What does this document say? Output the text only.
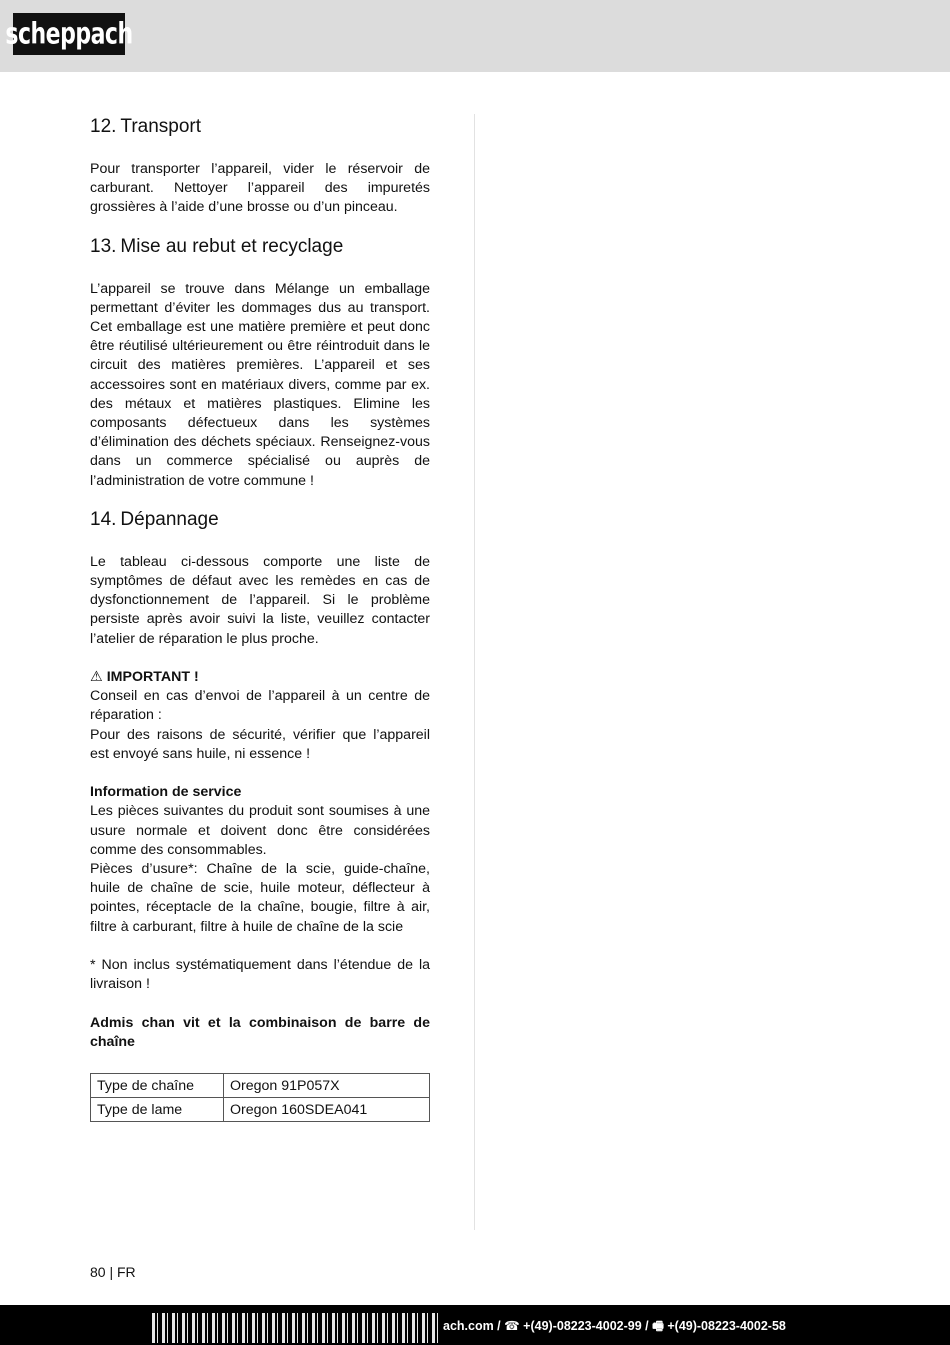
scheppach
12. Transport

Pour transporter l’appareil, vider le réservoir de carburant. Nettoyer l’appareil des impuretés grossières à l’aide d’une brosse ou d’un pinceau.

13. Mise au rebut et recyclage

L’appareil se trouve dans Mélange un emballage permettant d’éviter les dommages dus au transport. Cet emballage est une matière première et peut donc être réutilisé ultérieurement ou être réintroduit dans le circuit des matières premières. L’appareil et ses accessoires sont en matériaux divers, comme par ex. des métaux et matières plastiques. Elimine les composants défectueux dans les systèmes d’élimination des déchets spéciaux. Renseignez-vous dans un commerce spécialisé ou auprès de l’administration de votre commune !

14. Dépannage

Le tableau ci-dessous comporte une liste de symptômes de défaut avec les remèdes en cas de dysfonctionnement de l’appareil. Si le problème persiste après avoir suivi la liste, veuillez contacter l’atelier de réparation le plus proche.

⚠ IMPORTANT !

Conseil en cas d’envoi de l’appareil à un centre de réparation :

Pour des raisons de sécurité, vérifier que l’appareil est envoyé sans huile, ni essence !

Information de service

Les pièces suivantes du produit sont soumises à une usure normale et doivent donc être considérées comme des consommables.

Pièces d’usure*: Chaîne de la scie, guide-chaîne, huile de chaîne de scie, huile moteur, déflecteur à pointes, réceptacle de la chaîne, bougie, filtre à air, filtre à carburant, filtre à huile de chaîne de la scie

* Non inclus systématiquement dans l’étendue de la livraison !

Admis chan vit et la combinaison de barre de chaîne

Type de chaîne	Oregon 91P057X
Type de lame	Oregon 160SDEA041
80 | FR
ach.com / ☎ +(49)-08223-4002-99 / 🖷 +(49)-08223-4002-58
